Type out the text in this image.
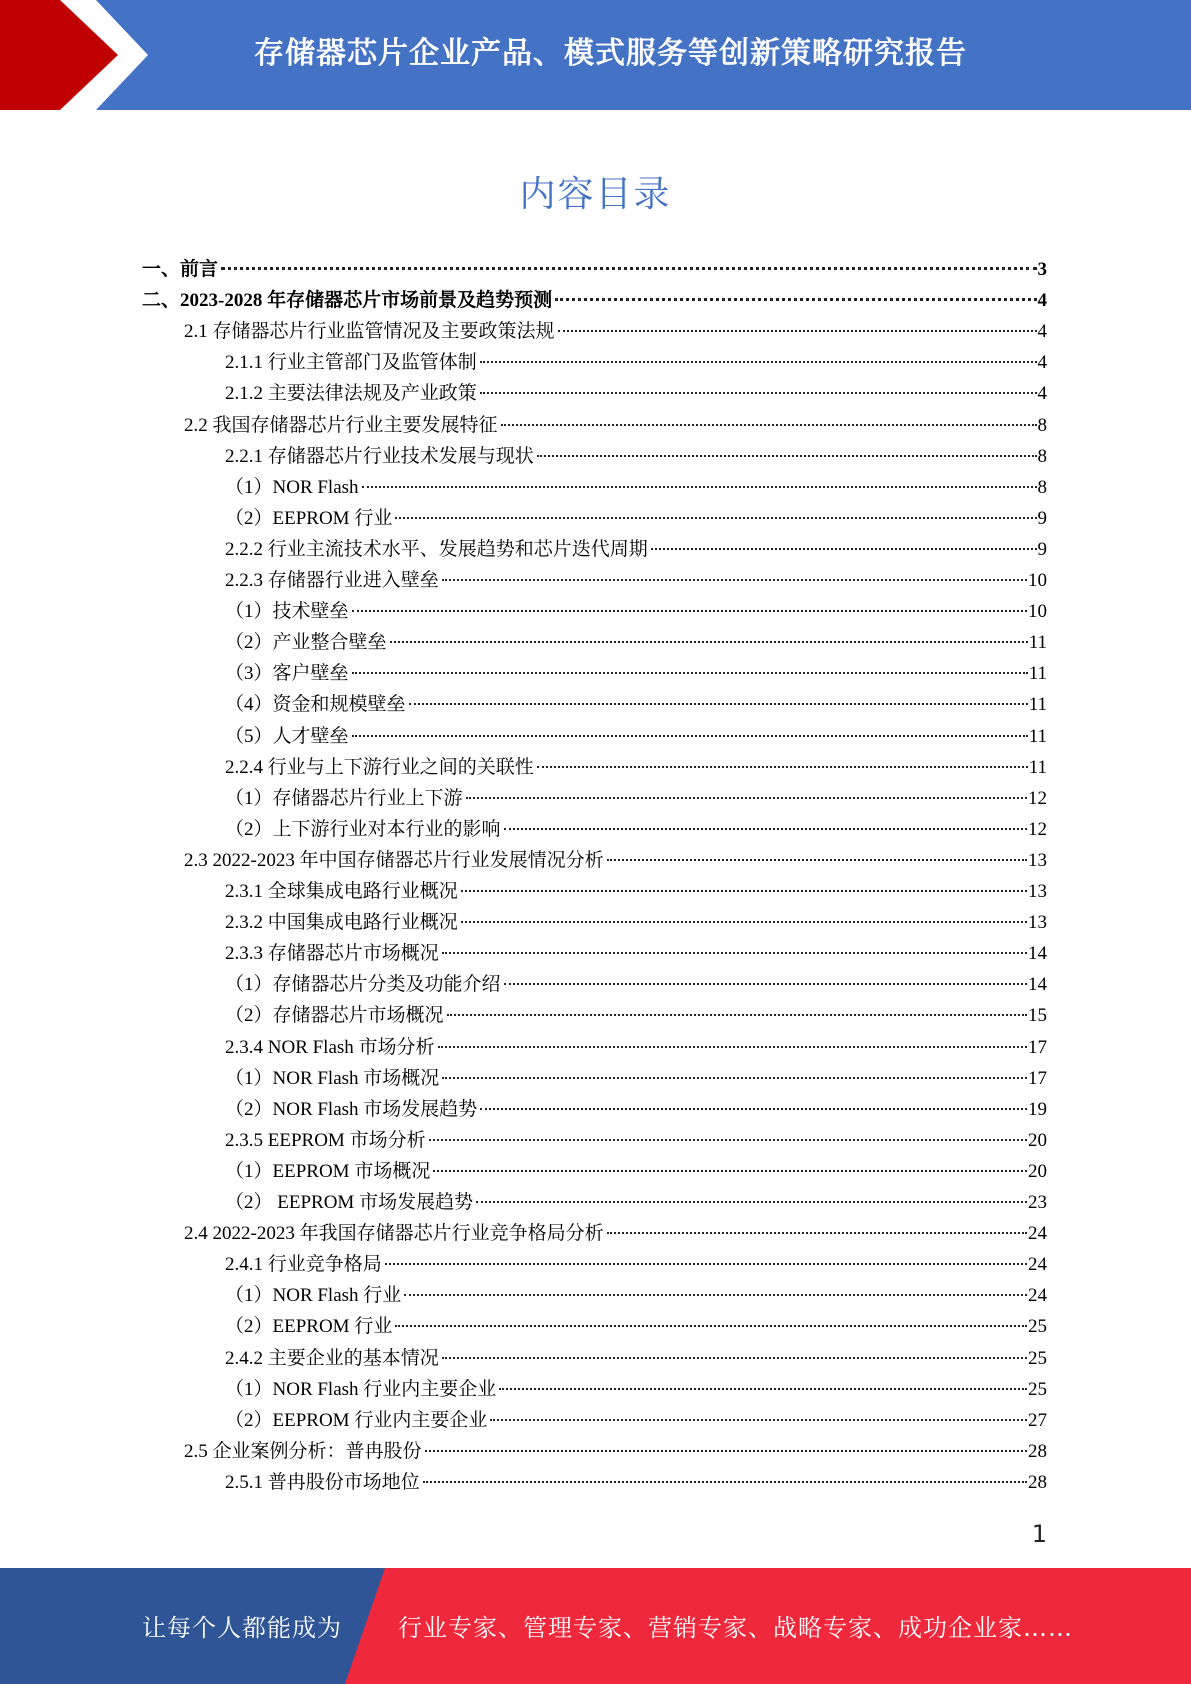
存储器芯片企业产品、模式服务等创新策略研究报告
内容目录
一、前言	3
二、2023-2028 年存储器芯片市场前景及趋势预测	4
2.1 存储器芯片行业监管情况及主要政策法规	4
2.1.1 行业主管部门及监管体制	4
2.1.2 主要法律法规及产业政策	4
2.2 我国存储器芯片行业主要发展特征	8
2.2.1 存储器芯片行业技术发展与现状	8
（1）NOR Flash	8
（2）EEPROM 行业	9
2.2.2 行业主流技术水平、发展趋势和芯片迭代周期	9
2.2.3 存储器行业进入壁垒	10
（1）技术壁垒	10
（2）产业整合壁垒	11
（3）客户壁垒	11
（4）资金和规模壁垒	11
（5）人才壁垒	11
2.2.4 行业与上下游行业之间的关联性	11
（1）存储器芯片行业上下游	12
（2）上下游行业对本行业的影响	12
2.3 2022-2023 年中国存储器芯片行业发展情况分析	13
2.3.1 全球集成电路行业概况	13
2.3.2 中国集成电路行业概况	13
2.3.3 存储器芯片市场概况	14
（1）存储器芯片分类及功能介绍	14
（2）存储器芯片市场概况	15
2.3.4 NOR Flash 市场分析	17
（1）NOR Flash 市场概况	17
（2）NOR Flash 市场发展趋势	19
2.3.5 EEPROM 市场分析	20
（1）EEPROM 市场概况	20
（2） EEPROM 市场发展趋势	23
2.4 2022-2023 年我国存储器芯片行业竞争格局分析	24
2.4.1 行业竞争格局	24
（1）NOR Flash 行业	24
（2）EEPROM 行业	25
2.4.2 主要企业的基本情况	25
（1）NOR Flash 行业内主要企业	25
（2）EEPROM 行业内主要企业	27
2.5 企业案例分析：普冉股份	28
2.5.1 普冉股份市场地位	28
1
让每个人都能成为 行业专家、管理专家、营销专家、战略专家、成功企业家……
